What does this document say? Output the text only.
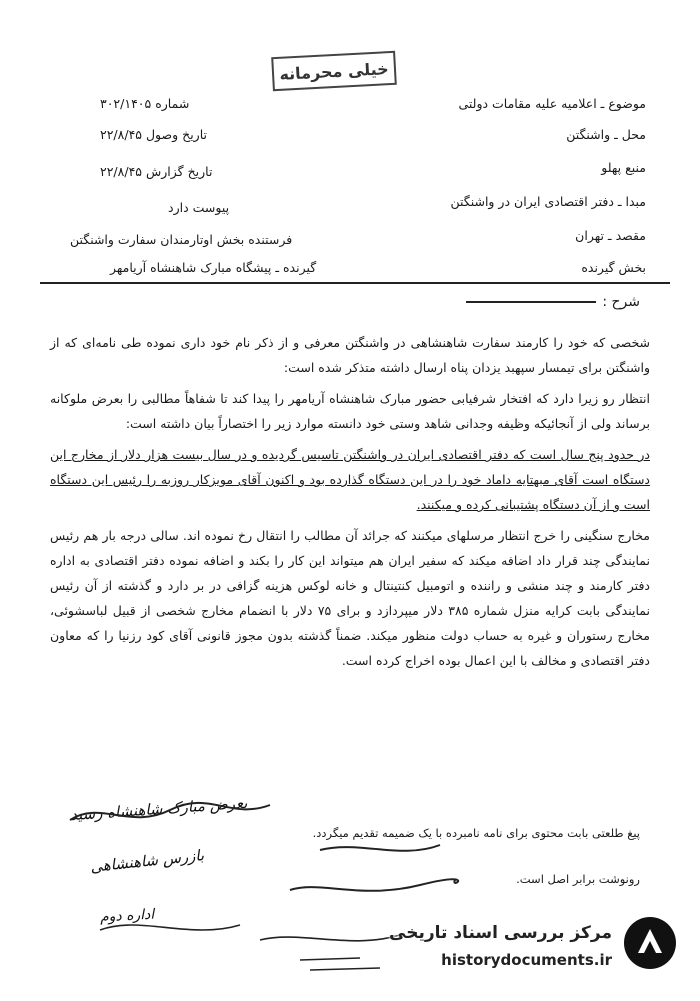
خیلی محرمانه
موضوع ـ اعلامیه علیه مقامات دولتی
محل ـ واشنگتن
منبع پهلو
مبدا ـ دفتر اقتصادی ایران در واشنگتن
مقصد ـ تهران
بخش گیرنده
شماره ۳۰۲/۱۴۰۵
تاریخ وصول ۲۲/۸/۴۵
تاریخ گزارش ۲۲/۸/۴۵
پیوست دارد
فرستنده بخش اوتارمندان سفارت واشنگتن
گیرنده ـ پیشگاه مبارک شاهنشاه آریامهر
شرح :

شخصی که خود را کارمند سفارت شاهنشاهی در واشنگتن معرفی و از ذکر نام خود داری نموده طی نامه‌ای که از واشنگتن برای تیمسار سپهبد یزدان پناه ارسال داشته متذکر شده است:

انتظار رو زیرا دارد که افتخار شرفیابی حضور مبارک شاهنشاه آریامهر را پیدا کند تا شفاهاً مطالبی را بعرض ملوکانه برساند ولی از آنجائیکه وظیفه وجدانی شاهد وستی خود دانسته موارد زیر را اختصاراً بیان داشته است:

در حدود پنج سال است که دفتر اقتصادی ایران در واشنگتن تاسیس گردیده و در سال بیست هزار دلار از مخارج این دستگاه است آقای مبهتایه داماد خود را در این دستگاه گذارده بود و اکنون آقای مویزکار روزبه را رئیس این دستگاه است و از آن دستگاه پشتیبانی کرده و میکنند.

مخارج سنگینی را خرج انتظار مرسلهای میکنند که جرائد آن مطالب را انتقال رخ نموده اند. سالی درجه بار هم رئیس نمایندگی چند قرار داد اضافه میکند که سفیر ایران هم میتواند این کار را بکند و اضافه نموده دفتر اقتصادی به اداره دفتر کارمند و چند منشی و راننده و اتومبیل کنتینتال و خانه لوکس هزینه گزافی در بر دارد و گذشته از آن رئیس نمایندگی بابت کرایه منزل شماره ۳۸۵ دلار میپردازد و برای ۷۵ دلار با انضمام مخارج شخصی از قبیل لباسشوئی، مخارج رستوران و غیره به حساب دولت منظور میکند. ضمناً گذشته بدون مجوز قانونی آقای کود رزنیا را که معاون دفتر اقتصادی و مخالف با این اعمال بوده اخراج کرده است.

پیغ طلعتی بابت محتوی برای نامه نامبرده با یک ضمیمه تقدیم میگردد.
رونوشت برابر اصل است.
بعرض مبارک شاهنشاه رسید
بازرس شاهنشاهی
اداره دوم
مرکز بررسی اسناد تاریخی
historydocuments.ir
